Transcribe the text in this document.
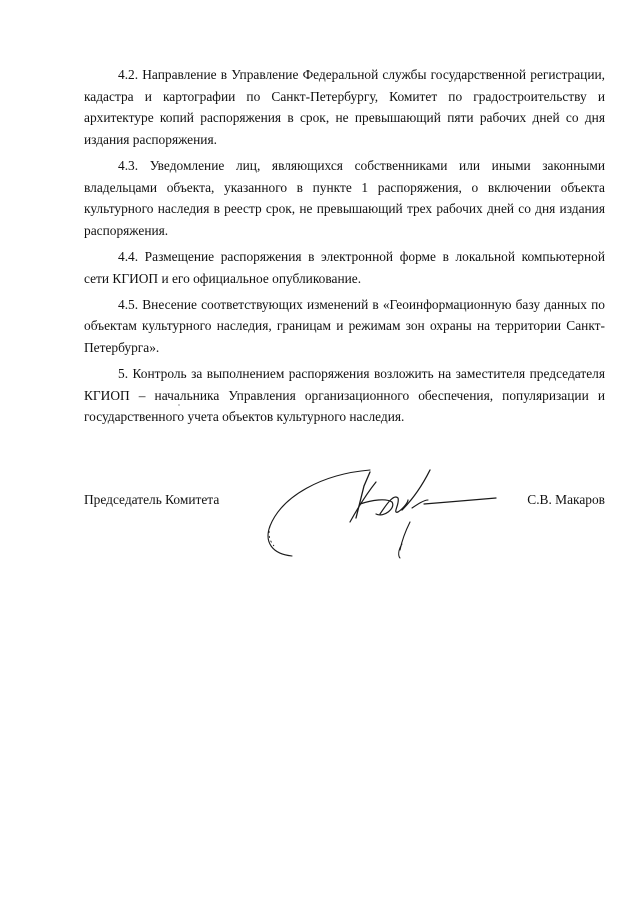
4.2. Направление в Управление Федеральной службы государственной регистрации, кадастра и картографии по Санкт-Петербургу, Комитет по градостроительству и архитектуре копий распоряжения в срок, не превышающий пяти рабочих дней со дня издания распоряжения.

4.3. Уведомление лиц, являющихся собственниками или иными законными владельцами объекта, указанного в пункте 1 распоряжения, о включении объекта культурного наследия в реестр срок, не превышающий трех рабочих дней со дня издания распоряжения.

4.4. Размещение распоряжения в электронной форме в локальной компьютерной сети КГИОП и его официальное опубликование.

4.5. Внесение соответствующих изменений в «Геоинформационную базу данных по объектам культурного наследия, границам и режимам зон охраны на территории Санкт-Петербурга».

5. Контроль за выполнением распоряжения возложить на заместителя председателя КГИОП – начальника Управления организационного обеспечения, популяризации и государственного учета объектов культурного наследия.

Председатель Комитета	С.В. Макаров
